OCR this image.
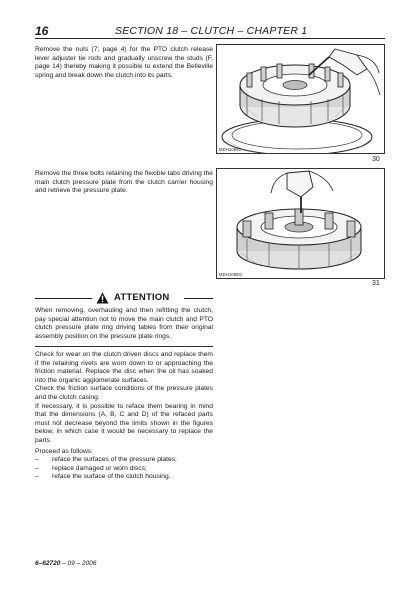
16	SECTION 18 – CLUTCH – CHAPTER 1
Remove the nuts (7; page 4) for the PTO clutch release lever adjuster tie rods and gradually unscrew the studs (F, page 14) thereby making it possible to extend the Belleville spring and break down the clutch into its parts.
MDH1084C
30
Remove the three bolts retaining the flexible tabs driving the main clutch pressure plate from the clutch carrier housing and retrieve the pressure plate.
MDH1085O
31
ATTENTION
When removing, overhauling and then refitting the clutch, pay special attention not to move the main clutch and PTO clutch pressure plate ring driving tables from their original assembly position on the pressure plate rings.

Check for wear on the clutch driven discs and replace them if the retaining rivets are worn down to or approaching the friction material. Replace the disc when the oil has soaked into the organic agglomerate surfaces.

Check the friction surface conditions of the pressure plates and the clutch casing.

If necessary, it is possible to reface them bearing in mind that the dimensions (A, B, C and D) of the refaced parts must not decrease beyond the limits shown in the figures below, in which case it would be necessary to replace the parts.

Proceed as follows:

– reface the surfaces of the pressure plates;
– replace damaged or worn discs;
– reface the surface of the clutch housing.
6–62720 – 09 – 2006
